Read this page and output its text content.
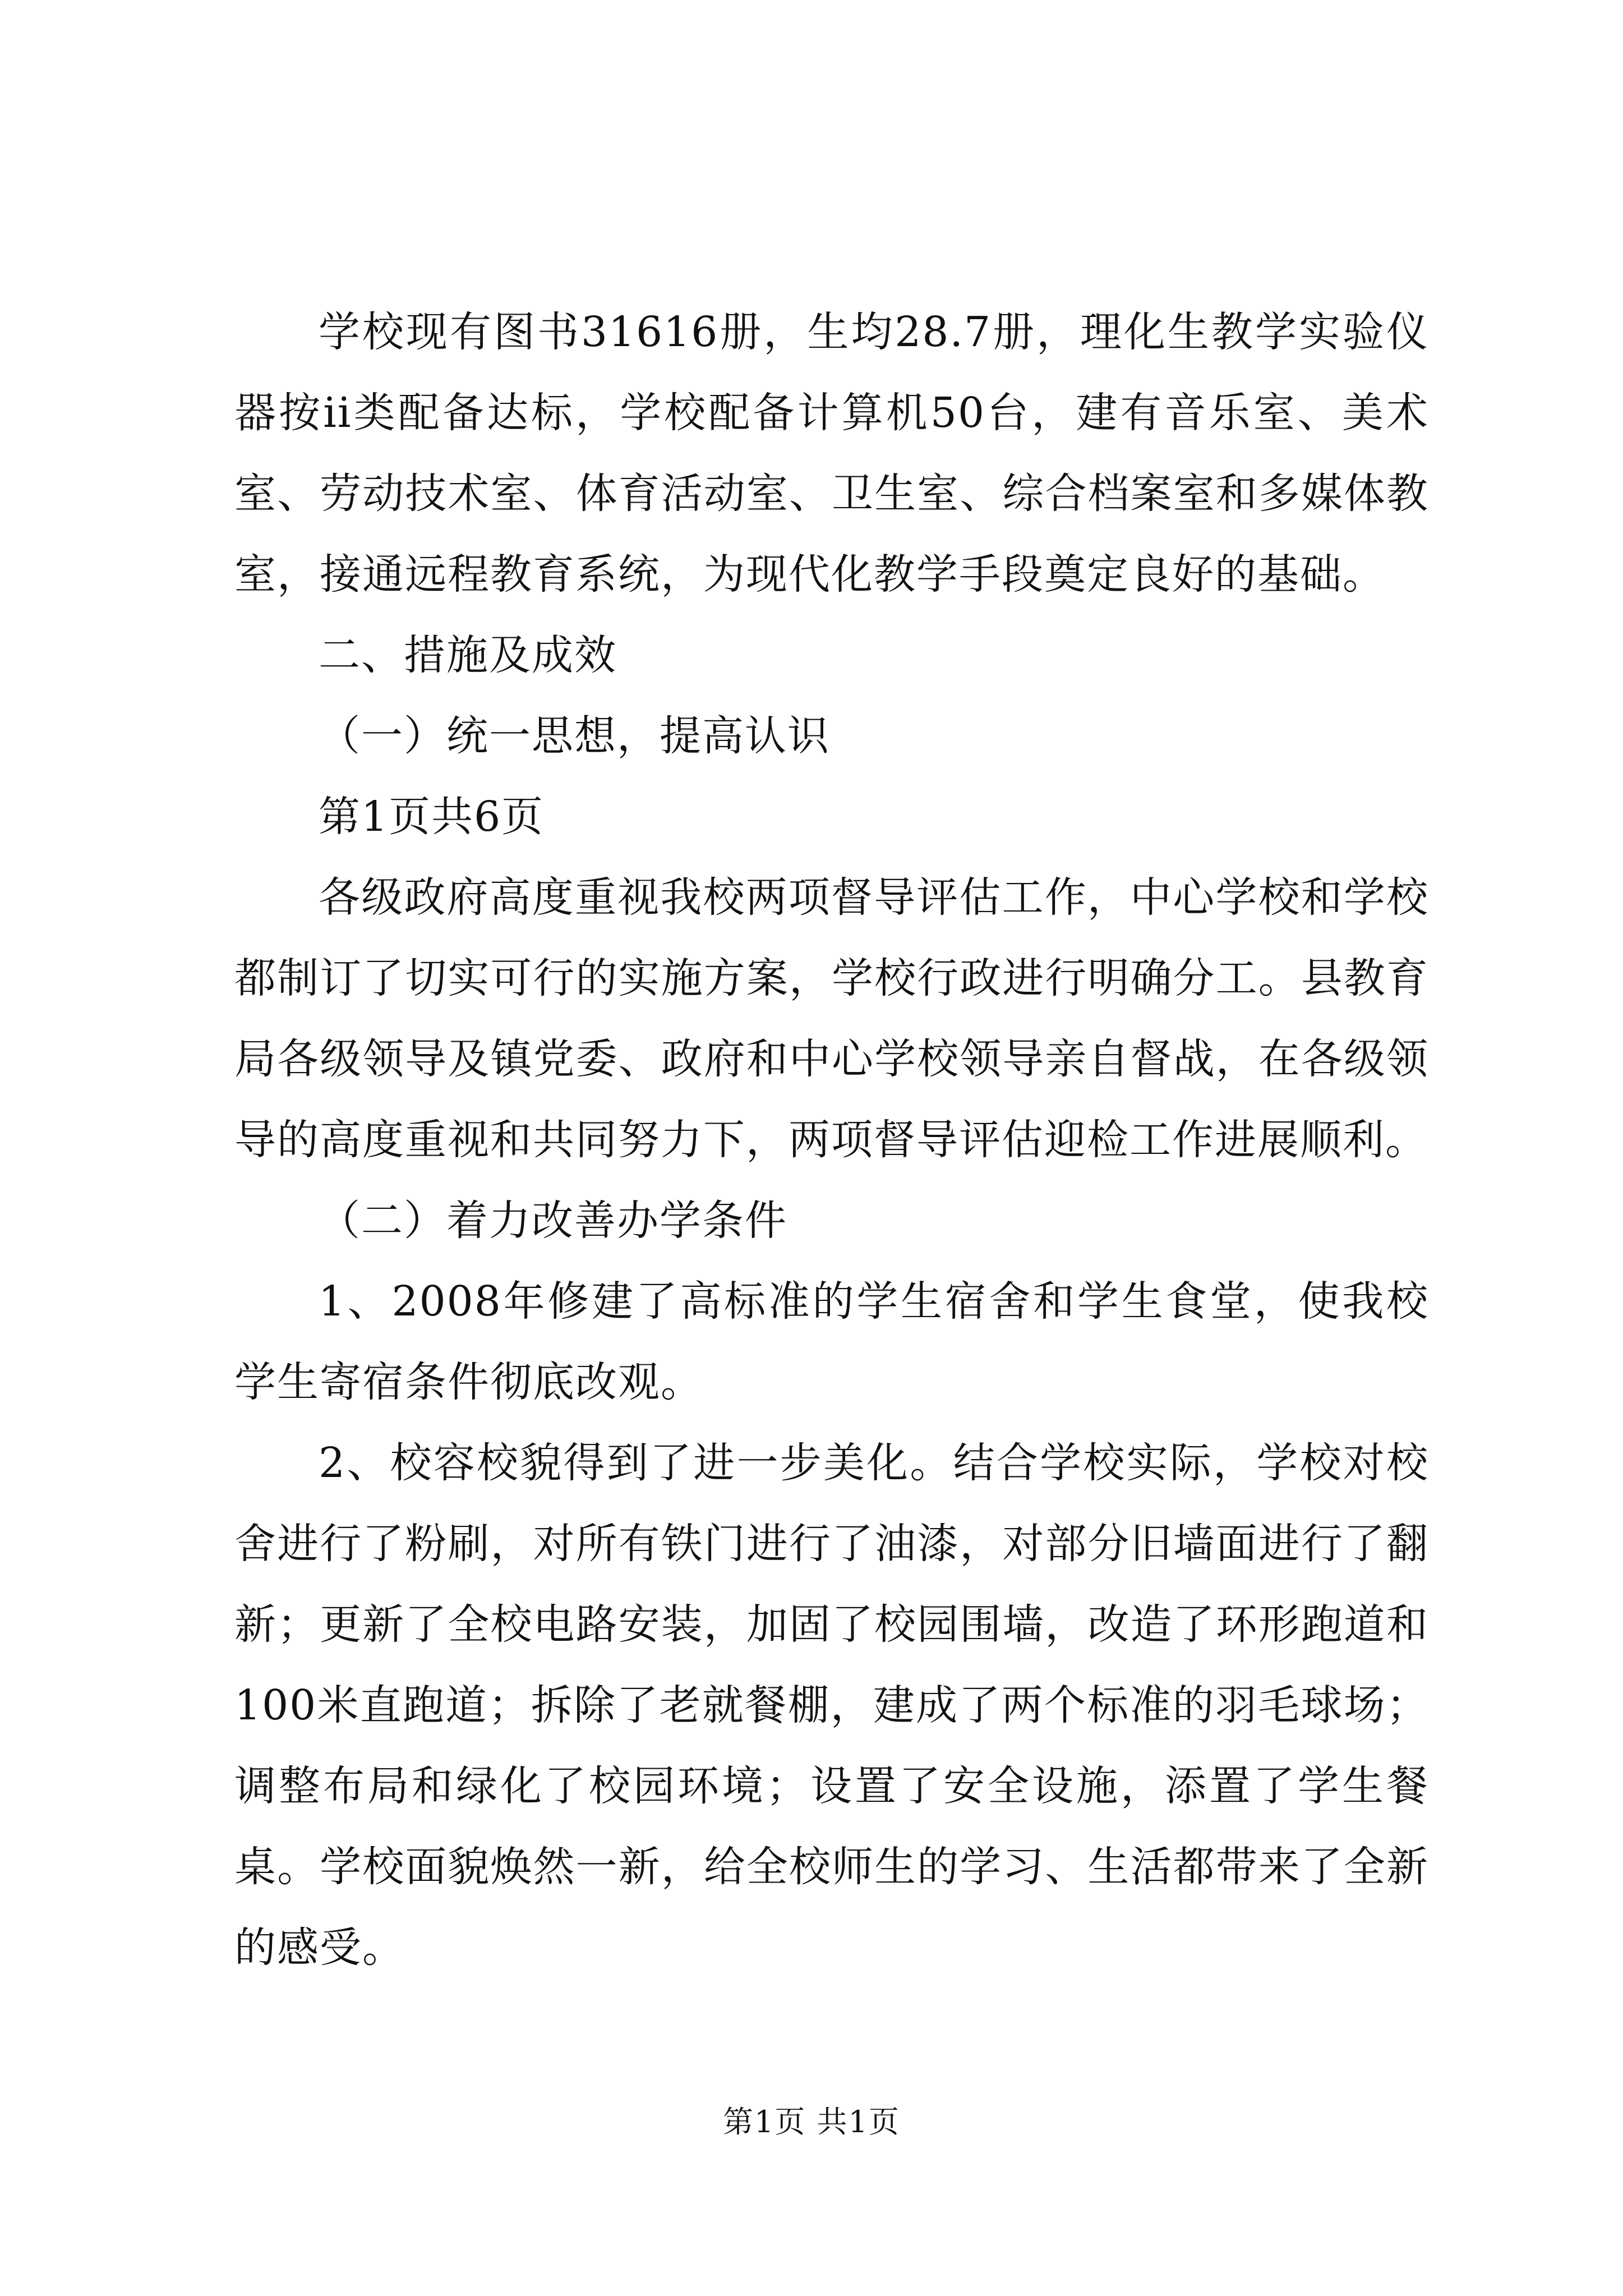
学校现有图书31616册，生均28.7册，理化生教学实验仪器按ii类配备达标，学校配备计算机50台，建有音乐室、美术室、劳动技术室、体育活动室、卫生室、综合档案室和多媒体教室，接通远程教育系统，为现代化教学手段奠定良好的基础。

二、措施及成效

（一）统一思想，提高认识

第1页共6页

各级政府高度重视我校两项督导评估工作，中心学校和学校都制订了切实可行的实施方案，学校行政进行明确分工。县教育局各级领导及镇党委、政府和中心学校领导亲自督战，在各级领导的高度重视和共同努力下，两项督导评估迎检工作进展顺利。

（二）着力改善办学条件

1、2008年修建了高标准的学生宿舍和学生食堂，使我校学生寄宿条件彻底改观。

2、校容校貌得到了进一步美化。结合学校实际，学校对校舍进行了粉刷，对所有铁门进行了油漆，对部分旧墙面进行了翻新；更新了全校电路安装，加固了校园围墙，改造了环形跑道和100米直跑道；拆除了老就餐棚，建成了两个标准的羽毛球场；调整布局和绿化了校园环境；设置了安全设施，添置了学生餐桌。学校面貌焕然一新，给全校师生的学习、生活都带来了全新的感受。

第1页 共1页
